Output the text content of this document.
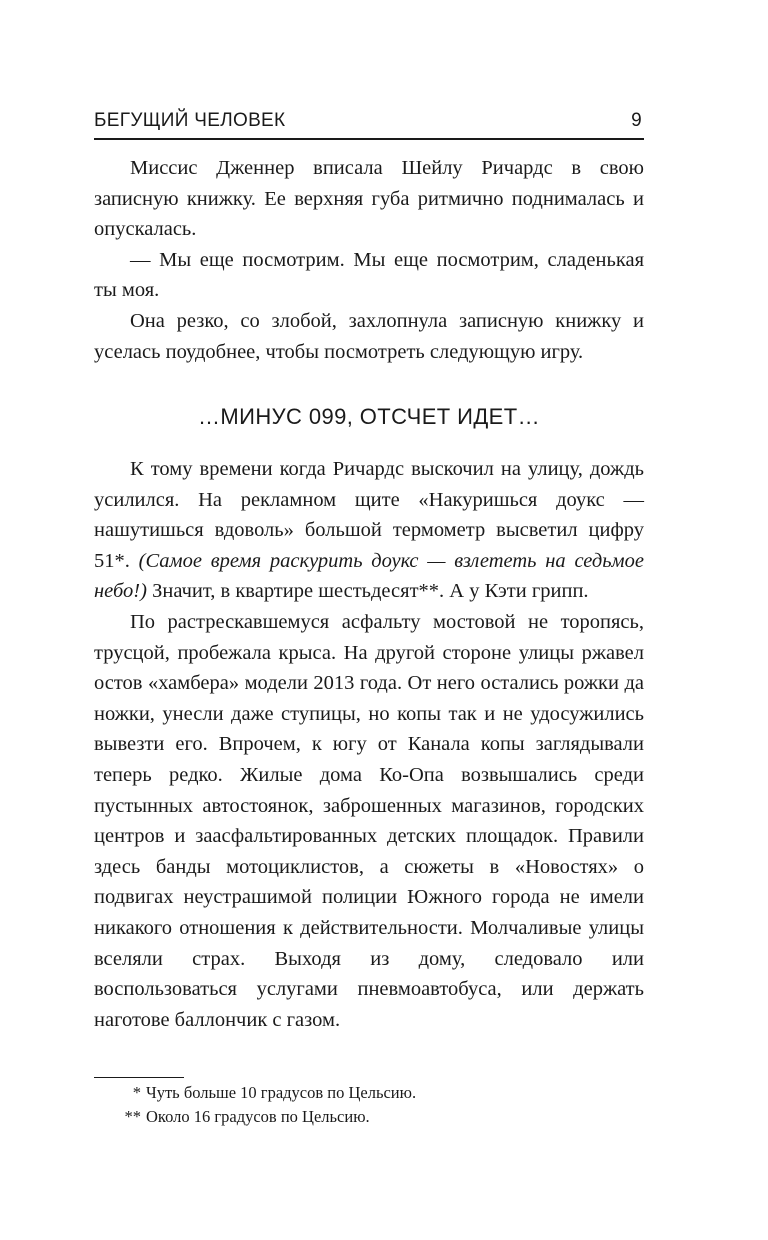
БЕГУЩИЙ ЧЕЛОВЕК	9

Миссис Дженнер вписала Шейлу Ричардс в свою записную книжку. Ее верхняя губа ритмично поднималась и опускалась.

— Мы еще посмотрим. Мы еще посмотрим, сладенькая ты моя.

Она резко, со злобой, захлопнула записную книжку и уселась поудобнее, чтобы посмотреть следующую игру.

…МИНУС 099, ОТСЧЕТ ИДЕТ…

К тому времени когда Ричардс выскочил на улицу, дождь усилился. На рекламном щите «Накуришься доукс — нашутишься вдоволь» большой термометр высветил цифру 51*. (Самое время раскурить доукс — взлететь на седьмое небо!) Значит, в квартире шестьдесят**. А у Кэти грипп.

По растрескавшемуся асфальту мостовой не торопясь, трусцой, пробежала крыса. На другой стороне улицы ржавел остов «хамбера» модели 2013 года. От него остались рожки да ножки, унесли даже ступицы, но копы так и не удосужились вывезти его. Впрочем, к югу от Канала копы заглядывали теперь редко. Жилые дома Ко-Опа возвышались среди пустынных автостоянок, заброшенных магазинов, городских центров и заасфальтированных детских площадок. Правили здесь банды мотоциклистов, а сюжеты в «Новостях» о подвигах неустрашимой полиции Южного города не имели никакого отношения к действительности. Молчаливые улицы вселяли страх. Выходя из дому, следовало или воспользоваться услугами пневмоавтобуса, или держать наготове баллончик с газом.

* Чуть больше 10 градусов по Цельсию.
** Около 16 градусов по Цельсию.
